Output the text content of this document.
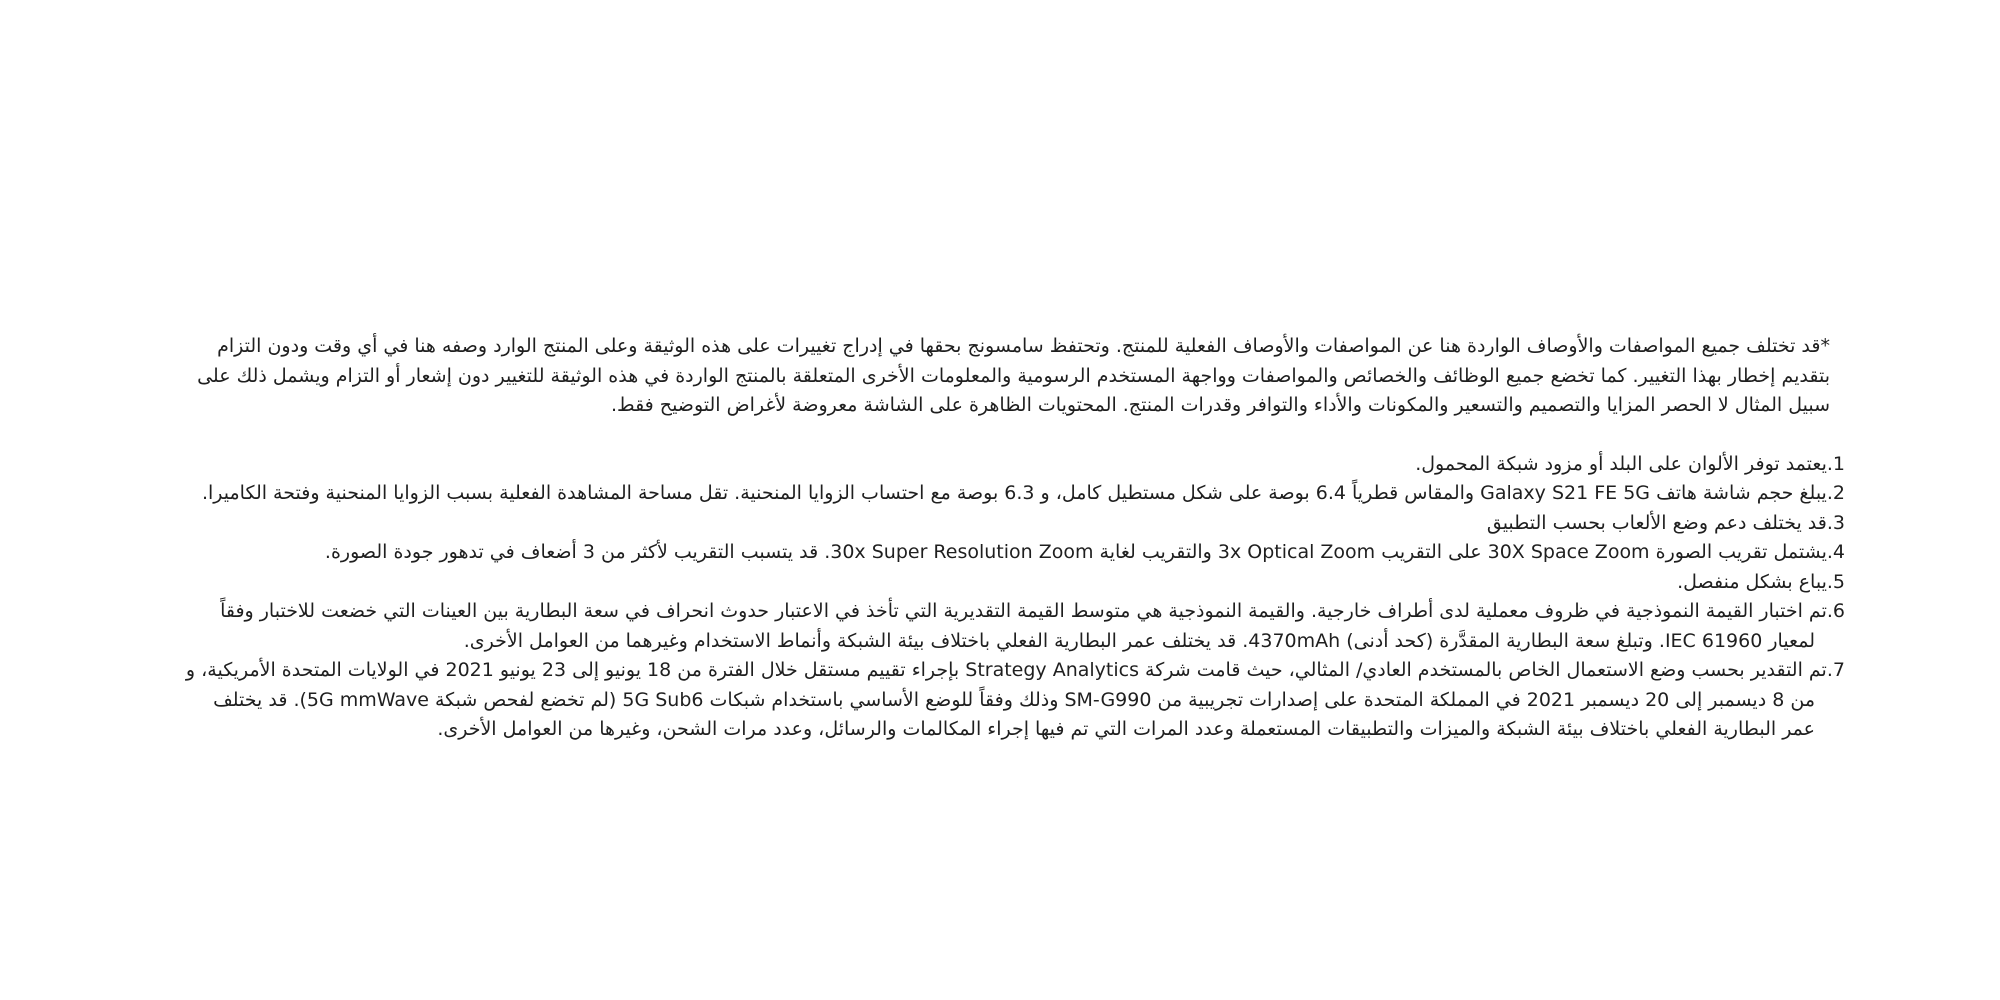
*قد تختلف جميع المواصفات والأوصاف الواردة هنا عن المواصفات والأوصاف الفعلية للمنتج. وتحتفظ سامسونج بحقها في إدراج تغييرات على هذه الوثيقة وعلى المنتج الوارد وصفه هنا في أي وقت ودون التزام بتقديم إخطار بهذا التغيير. كما تخضع جميع الوظائف والخصائص والمواصفات وواجهة المستخدم الرسومية والمعلومات الأخرى المتعلقة بالمنتج الواردة في هذه الوثيقة للتغيير دون إشعار أو التزام ويشمل ذلك على سبيل المثال لا الحصر المزايا والتصميم والتسعير والمكونات والأداء والتوافر وقدرات المنتج. المحتويات الظاهرة على الشاشة معروضة لأغراض التوضيح فقط.

1.يعتمد توفر الألوان على البلد أو مزود شبكة المحمول.
2.يبلغ حجم شاشة هاتف Galaxy S21 FE 5G والمقاس قطرياً 6.4 بوصة على شكل مستطيل كامل، و 6.3 بوصة مع احتساب الزوايا المنحنية. تقل مساحة المشاهدة الفعلية بسبب الزوايا المنحنية وفتحة الكاميرا.
3.قد يختلف دعم وضع الألعاب بحسب التطبيق
4.يشتمل تقريب الصورة 30X Space Zoom على التقريب 3x Optical Zoom والتقريب لغاية 30x Super Resolution Zoom. قد يتسبب التقريب لأكثر من 3 أضعاف في تدهور جودة الصورة.
5.يباع بشكل منفصل.
6.تم اختبار القيمة النموذجية في ظروف معملية لدى أطراف خارجية. والقيمة النموذجية هي متوسط القيمة التقديرية التي تأخذ في الاعتبار حدوث انحراف في سعة البطارية بين العينات التي خضعت للاختبار وفقاً لمعيار IEC 61960. وتبلغ سعة البطارية المقدَّرة (كحد أدنى) 4370mAh. قد يختلف عمر البطارية الفعلي باختلاف بيئة الشبكة وأنماط الاستخدام وغيرهما من العوامل الأخرى.
7.تم التقدير بحسب وضع الاستعمال الخاص بالمستخدم العادي/ المثالي، حيث قامت شركة Strategy Analytics بإجراء تقييم مستقل خلال الفترة من 18 يونيو إلى 23 يونيو 2021 في الولايات المتحدة الأمريكية، و من 8 ديسمبر إلى 20 ديسمبر 2021 في المملكة المتحدة على إصدارات تجريبية من SM-G990 وذلك وفقاً للوضع الأساسي باستخدام شبكات 5G Sub6 (لم تخضع لفحص شبكة 5G mmWave). قد يختلف عمر البطارية الفعلي باختلاف بيئة الشبكة والميزات والتطبيقات المستعملة وعدد المرات التي تم فيها إجراء المكالمات والرسائل، وعدد مرات الشحن، وغيرها من العوامل الأخرى.
